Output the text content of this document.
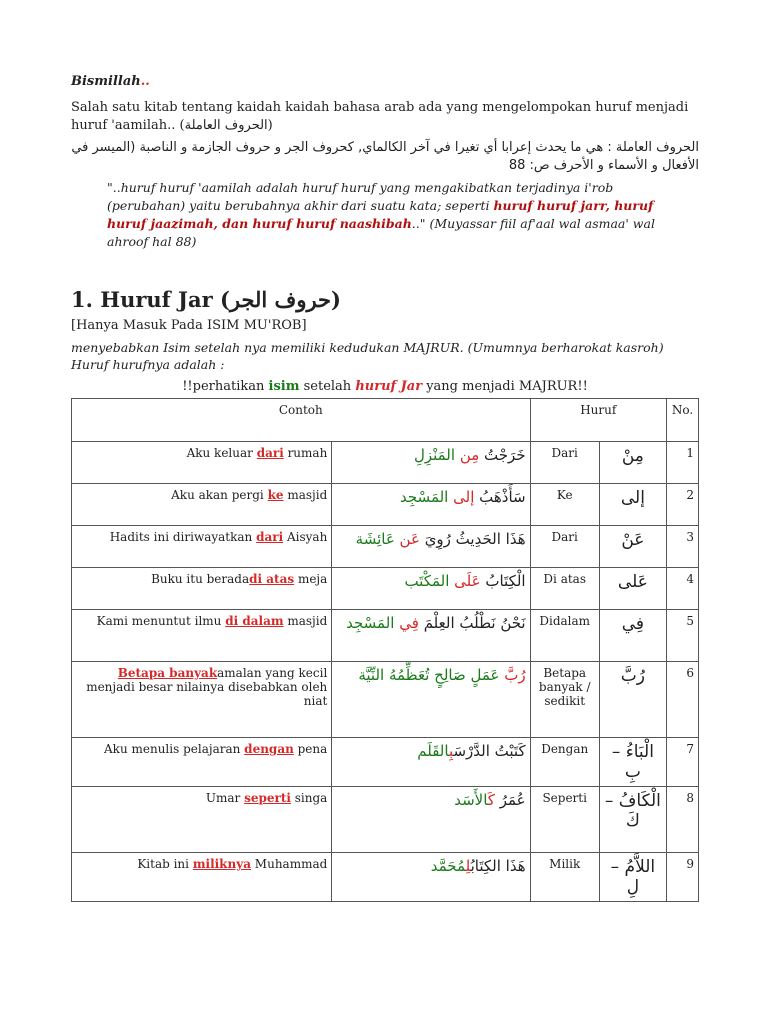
Bismillah..

Salah satu kitab tentang kaidah kaidah bahasa arab ada yang mengelompokan huruf menjadi huruf 'aamilah.. (الحروف العاملة)

الحروف العاملة : هي ما يحدث إعرابا أي تغيرا في آخر الكالماي, كحروف الجر و حروف الجازمة و الناصبة (الميسر في الأفعال و الأسماء و الأحرف ص: 88

"..huruf huruf 'aamilah adalah huruf huruf yang mengakibatkan terjadinya i'rob (perubahan) yaitu berubahnya akhir dari suatu kata; seperti huruf huruf jarr, huruf huruf jaazimah, dan huruf huruf naashibah.." (Muyassar fiil af'aal wal asmaa' wal ahroof hal 88)

1. Huruf Jar (حروف الجر)
[Hanya Masuk Pada ISIM MU'ROB]

menyebabkan Isim setelah nya memiliki kedudukan MAJRUR. (Umumnya berharokat kasroh) Huruf hurufnya adalah :

!!perhatikan isim setelah huruf Jar yang menjadi MAJRUR!!
Contoh		Huruf		No.
Aku keluar dari rumah	خَرَجْتُ مِن المَنْزِلِ	Dari	مِنْ	1
Aku akan pergi ke masjid	سَأَذْهَبُ إلى المَسْجِد	Ke	إلى	2
Hadits ini diriwayatkan dari Aisyah	هَذَا الحَدِيثُ رُوِيَ عَن عَائِشَة	Dari	عَنْ	3
Buku itu beradadi atas meja	الْكِتَابُ عَلَى المَكْتَب	Di atas	عَلى	4
Kami menuntut ilmu di dalam masjid	نَحْنُ نَطْلُبُ العِلْمَ فِي المَسْجِد	Didalam	فِي	5
Betapa banyakamalan yang kecil menjadi besar nilainya disebabkan oleh niat	رُبَّ عَمَلٍ صَالِحٍ تُعَظِّمُهُ النِّيَّة	Betapa banyak / sedikit	رُبَّ	6
Aku menulis pelajaran dengan pena	كَتَبْتُ الدَّرْسَبِالقَلَم	Dengan	الْبَاءُ – بِ	7
Umar seperti singa	عُمَرُ كَالأَسَد	Seperti	الْكَافُ – كَ	8
Kitab ini miliknya Muhammad	هَذَا الكِتَابُلِمُحَمَّد	Milik	اللاَّمُ – لِ	9
